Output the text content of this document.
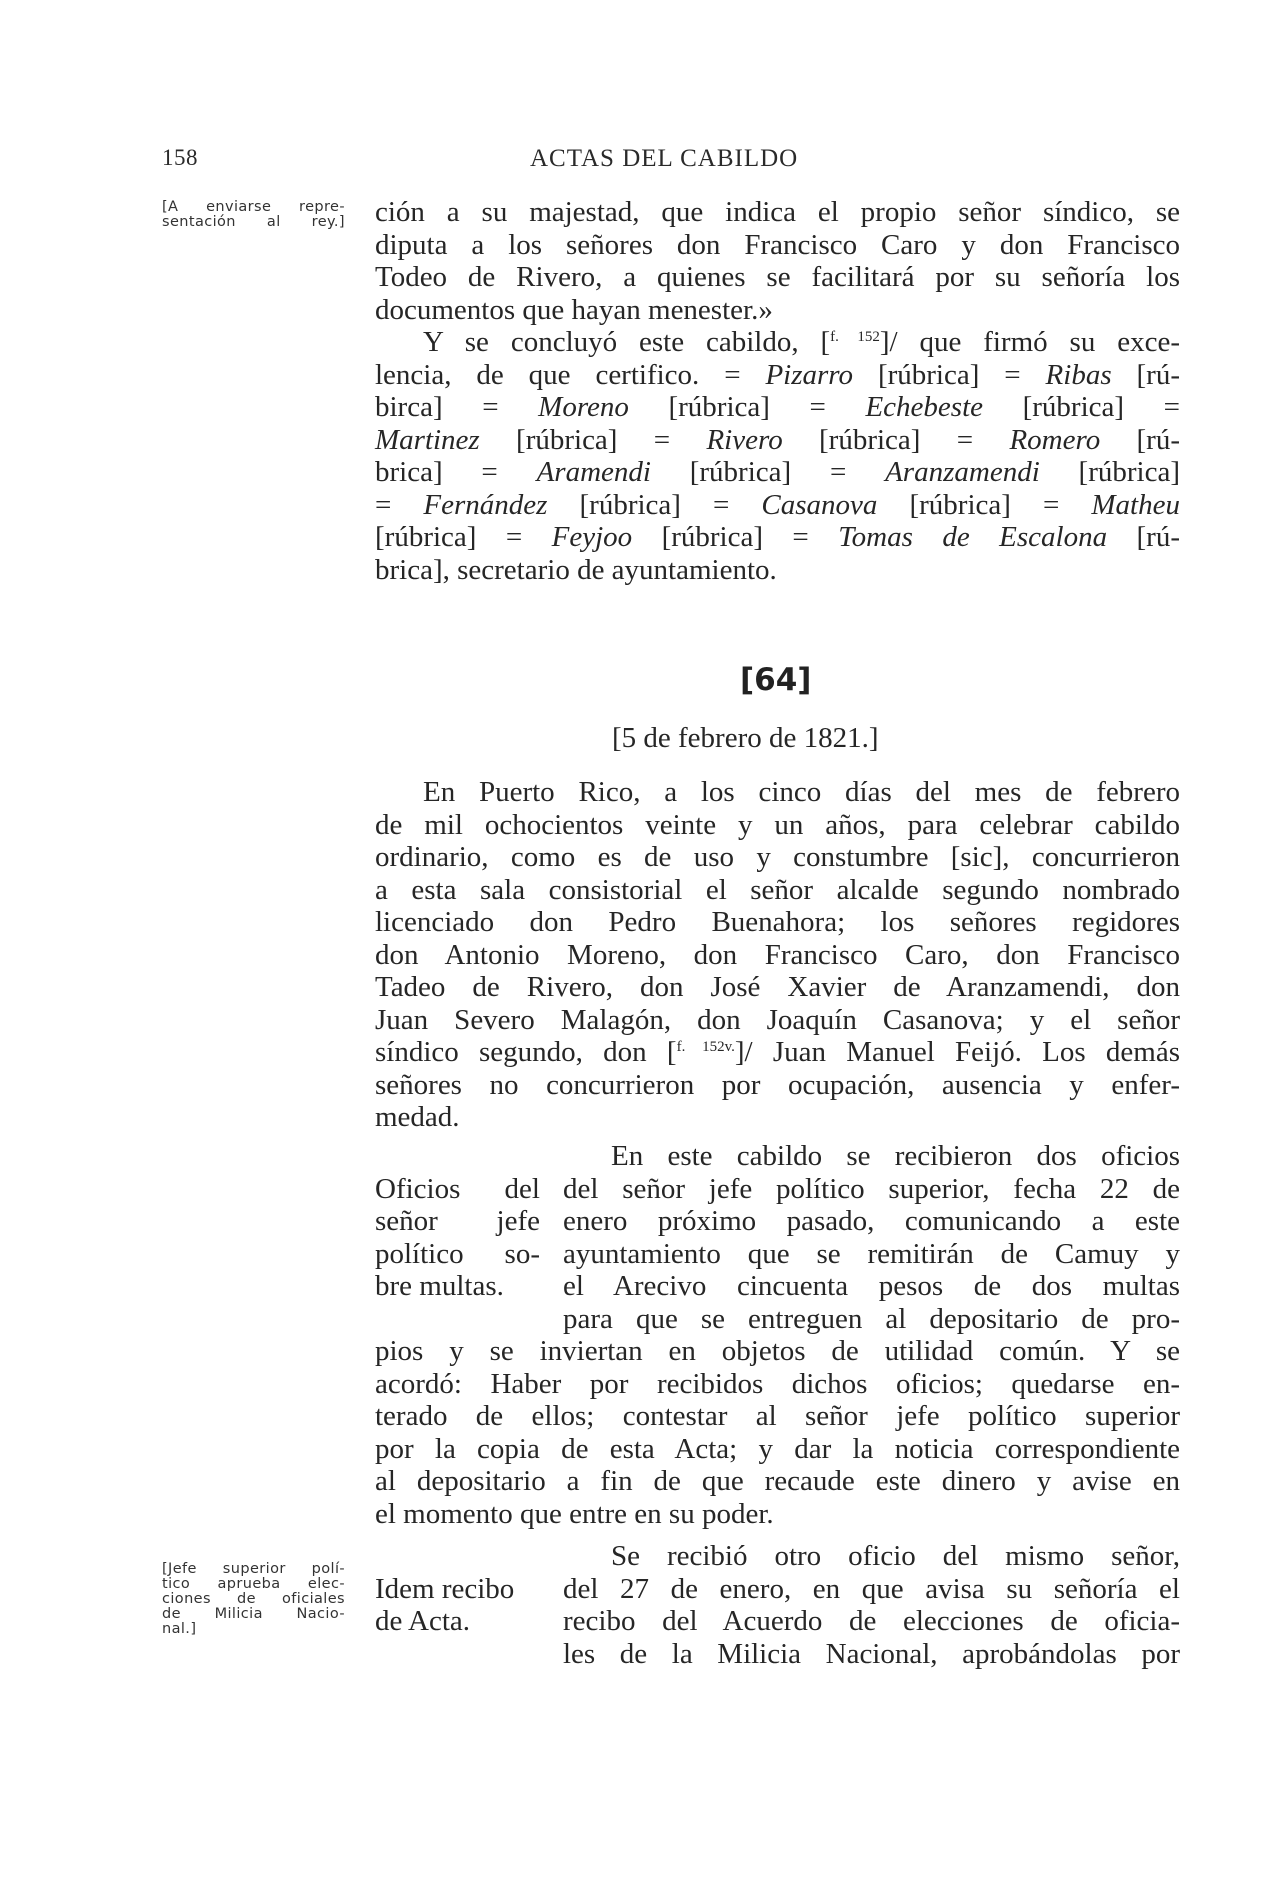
158	ACTAS DEL CABILDO
[A enviarse repre-
sentación al rey.] ción a su majestad, que indica el propio señor síndico, se
diputa a los señores don Francisco Caro y don Francisco
Todeo de Rivero, a quienes se facilitará por su señoría los
documentos que hayan menester.»
Y se concluyó este cabildo, [$^{f. 152}$]/ que firmó su exce-
lencia, de que certifico. = Pizarro [rúbrica] = Ribas [rú-
birca] = Moreno [rúbrica] = Echebeste [rúbrica] =
Martinez [rúbrica] = Rivero [rúbrica] = Romero [rú-
brica] = Aramendi [rúbrica] = Aranzamendi [rúbrica]
= Fernández [rúbrica] = Casanova [rúbrica] = Matheu
[rúbrica] = Feyjoo [rúbrica] = Tomas de Escalona [rú-
brica], secretario de ayuntamiento.
[64]
[5 de febrero de 1821.]
En Puerto Rico, a los cinco días del mes de febrero
de mil ochocientos veinte y un años, para celebrar cabildo
ordinario, como es de uso y constumbre [sic], concurrieron
a esta sala consistorial el señor alcalde segundo nombrado
licenciado don Pedro Buenahora; los señores regidores
don Antonio Moreno, don Francisco Caro, don Francisco
Tadeo de Rivero, don José Xavier de Aranzamendi, don
Juan Severo Malagón, don Joaquín Casanova; y el señor
síndico segundo, don [$^{f. 152v.}$]/ Juan Manuel Feijó. Los demás
señores no concurrieron por ocupación, ausencia y enfer-
medad.
En este cabildo se recibieron dos oficios
del señor jefe político superior, fecha 22 de
enero próximo pasado, comunicando a este
ayuntamiento que se remitirán de Camuy y
el Arecivo cincuenta pesos de dos multas
para que se entreguen al depositario de pro-
Oficios del
señor jefe
político so-
bre multas.
pios y se inviertan en objetos de utilidad común. Y se
acordó: Haber por recibidos dichos oficios; quedarse en-
terado de ellos; contestar al señor jefe político superior
por la copia de esta Acta; y dar la noticia correspondiente
al depositario a fin de que recaude este dinero y avise en
el momento que entre en su poder.
[Jefe superior polí-
tico aprueba elec-
ciones de oficiales
de Milicia Nacio-
nal.]
Se recibió otro oficio del mismo señor,
del 27 de enero, en que avisa su señoría el
recibo del Acuerdo de elecciones de oficia-
les de la Milicia Nacional, aprobándolas por
Idem recibo
de Acta.
